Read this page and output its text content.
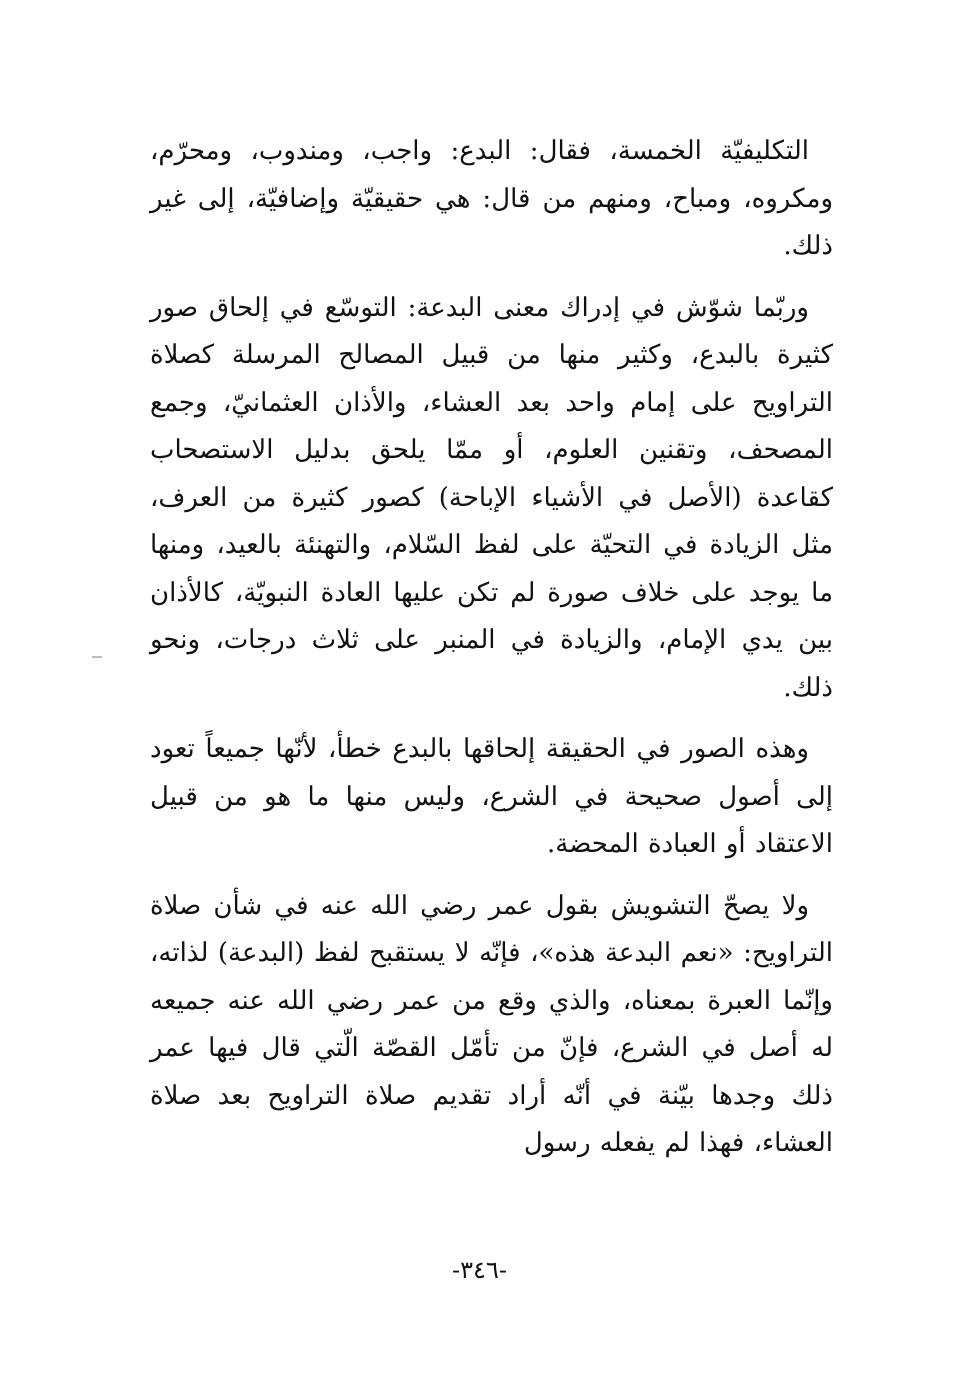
التكليفيّة الخمسة، فقال: البدع: واجب، ومندوب، ومحرّم، ومكروه، ومباح، ومنهم من قال: هي حقيقيّة وإضافيّة، إلى غير ذلك.

وربّما شوّش في إدراك معنى البدعة: التوسّع في إلحاق صور كثيرة بالبدع، وكثير منها من قبيل المصالح المرسلة كصلاة التراويح على إمام واحد بعد العشاء، والأذان العثمانيّ، وجمع المصحف، وتقنين العلوم، أو ممّا يلحق بدليل الاستصحاب كقاعدة (الأصل في الأشياء الإباحة) كصور كثيرة من العرف، مثل الزيادة في التحيّة على لفظ السّلام، والتهنئة بالعيد، ومنها ما يوجد على خلاف صورة لم تكن عليها العادة النبويّة، كالأذان بين يدي الإمام، والزيادة في المنبر على ثلاث درجات، ونحو ذلك.

وهذه الصور في الحقيقة إلحاقها بالبدع خطأ، لأنّها جميعاً تعود إلى أصول صحيحة في الشرع، وليس منها ما هو من قبيل الاعتقاد أو العبادة المحضة.

ولا يصحّ التشويش بقول عمر رضي الله عنه في شأن صلاة التراويح: «نعم البدعة هذه»، فإنّه لا يستقبح لفظ (البدعة) لذاته، وإنّما العبرة بمعناه، والذي وقع من عمر رضي الله عنه جميعه له أصل في الشرع، فإنّ من تأمّل القصّة الّتي قال فيها عمر ذلك وجدها بيّنة في أنّه أراد تقديم صلاة التراويح بعد صلاة العشاء، فهذا لم يفعله رسول

-٣٤٦-
